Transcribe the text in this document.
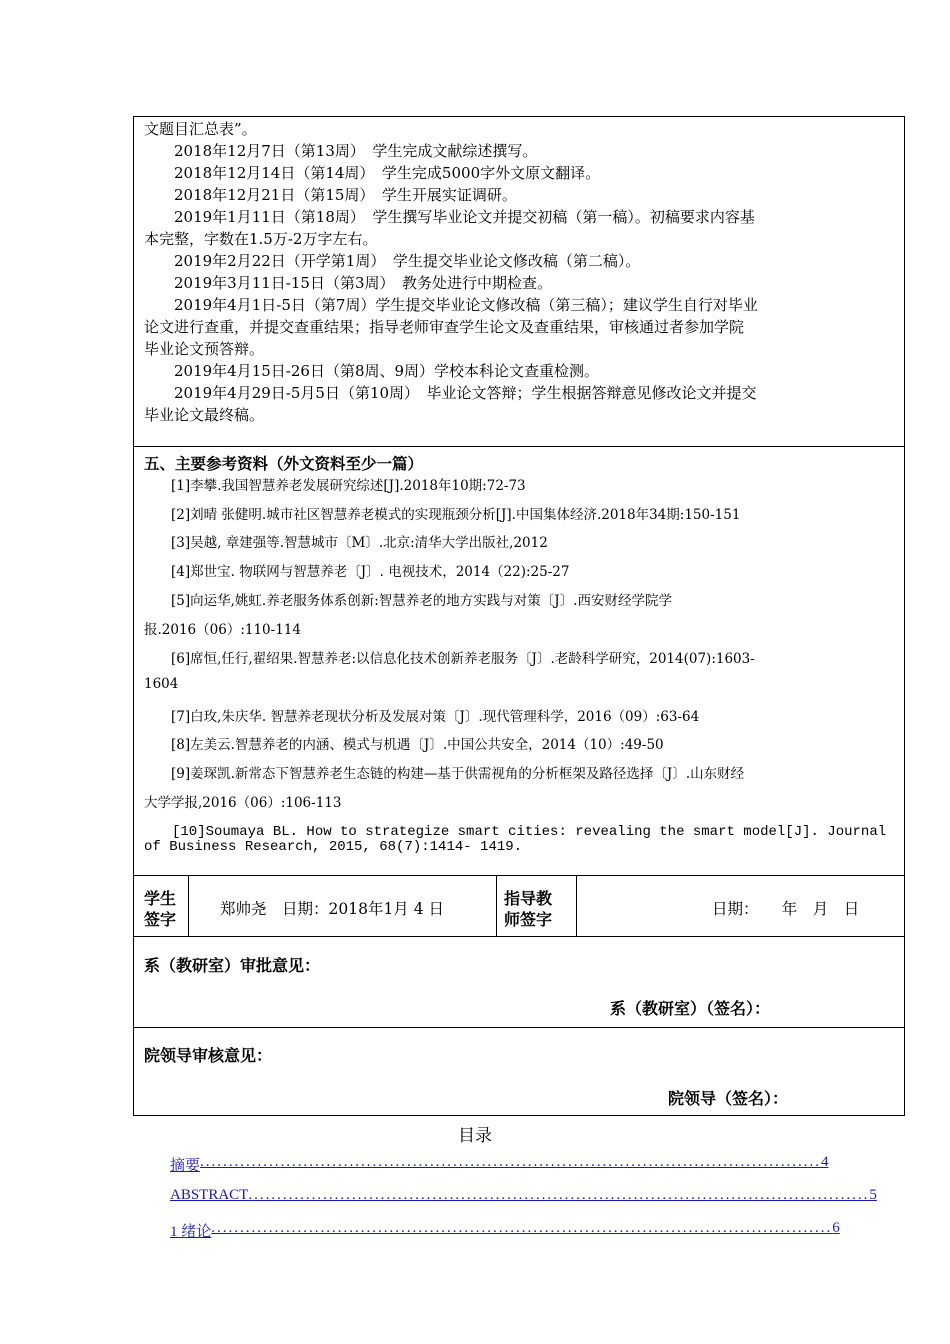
文题目汇总表”。
　　2018年12月7日（第13周）　学生完成文献综述撰写。
　　2018年12月14日（第14周）　学生完成5000字外文原文翻译。
　　2018年12月21日（第15周）　学生开展实证调研。
　　2019年1月11日（第18周）　学生撰写毕业论文并提交初稿（第一稿）。初稿要求内容基
本完整，字数在1.5万-2万字左右。
　　2019年2月22日（开学第1周）　学生提交毕业论文修改稿（第二稿）。
　　2019年3月11日-15日（第3周）　教务处进行中期检查。
　　2019年4月1日-5日（第7周）学生提交毕业论文修改稿（第三稿）；建议学生自行对毕业
论文进行查重，并提交查重结果；指导老师审查学生论文及查重结果，审核通过者参加学院
毕业论文预答辩。
　　2019年4月15日-26日（第8周、9周）学校本科论文查重检测。
　　2019年4月29日-5月5日（第10周）　毕业论文答辩；学生根据答辩意见修改论文并提交
毕业论文最终稿。
五、主要参考资料（外文资料至少一篇）
　　[1]李攀.我国智慧养老发展研究综述[J].2018年10期:72-73
　　[2]刘晴 张健明.城市社区智慧养老模式的实现瓶颈分析[J].中国集体经济.2018年34期:150-151
　　[3]吴越, 章建强等.智慧城市〔M〕.北京:清华大学出版社,2012
　　[4]郑世宝. 物联网与智慧养老〔J〕. 电视技术，2014（22):25-27
　　[5]向运华,姚虹.养老服务体系创新:智慧养老的地方实践与对策〔J〕.西安财经学院学
报.2016（06）:110-114
　　[6]席恒,任行,翟绍果.智慧养老:以信息化技术创新养老服务〔J〕.老龄科学研究，2014(07):1603-
1604
　　[7]白玫,朱庆华. 智慧养老现状分析及发展对策〔J〕.现代管理科学，2016（09）:63-64
　　[8]左美云.智慧养老的内涵、模式与机遇〔J〕.中国公共安全，2014（10）:49-50
　　[9]姜琛凯.新常态下智慧养老生态链的构建—基于供需视角的分析框架及路径选择〔J〕.山东财经
大学学报,2016（06）:106-113
　　[10]Soumaya BL. How to strategize smart cities: revealing the smart model[J]. Journal
of Business Research, 2015, 68(7):1414- 1419.
学生
签字
郑帅尧　日期：2018年1月 4 日
指导教
师签字
日期：　　年　月　日
系（教研室）审批意见：
系（教研室）（签名）：
院领导审核意见：
院领导（签名）：
目录
摘要 ............................................................................................................ 4
ABSTRACT ............................................................................................................ 5
1 绪论 ............................................................................................................ 6
